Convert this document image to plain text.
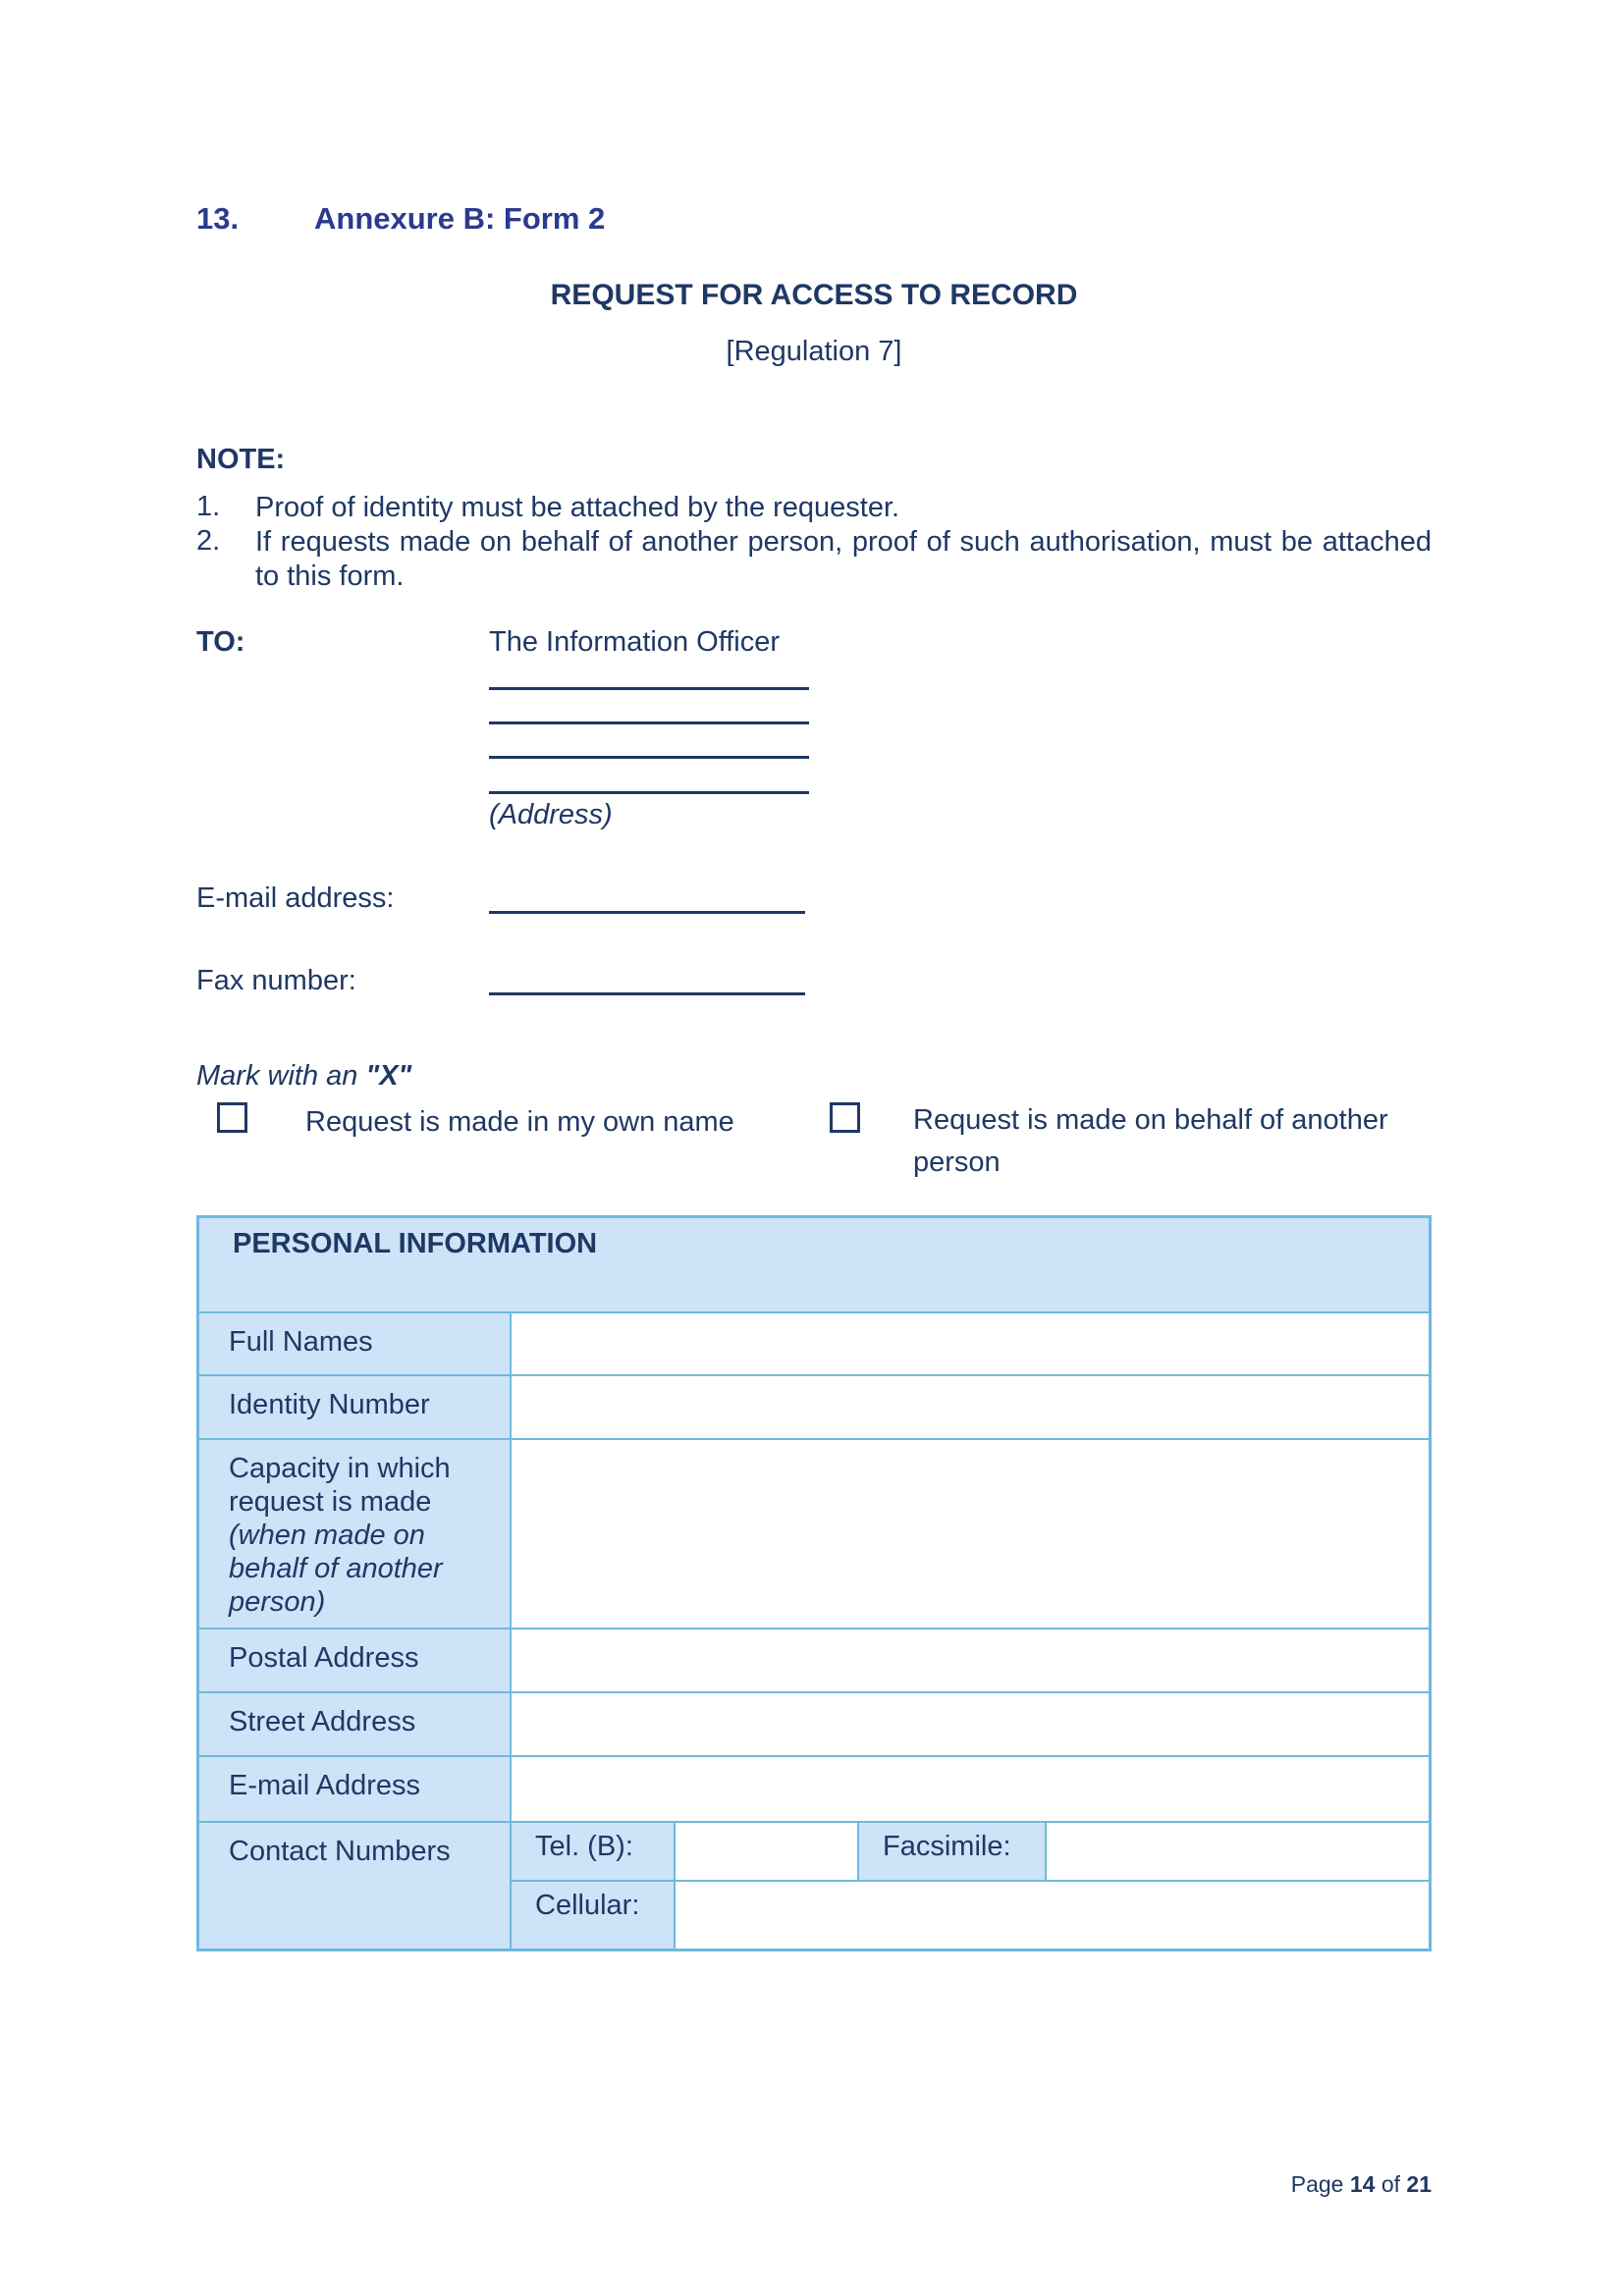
13. Annexure B: Form 2
REQUEST FOR ACCESS TO RECORD
[Regulation 7]
NOTE:
1. Proof of identity must be attached by the requester.
2. If requests made on behalf of another person, proof of such authorisation, must be attached to this form.
TO:	The Information Officer
(Address)
E-mail address:
Fax number:
Mark with an "X"
Request is made in my own name	Request is made on behalf of another person
PERSONAL INFORMATION
Full Names
Identity Number
Capacity in which request is made
(when made on behalf of another person)
Postal Address
Street Address
E-mail Address
Contact Numbers	Tel. (B):	Facsimile:
Cellular:
Page 14 of 21
